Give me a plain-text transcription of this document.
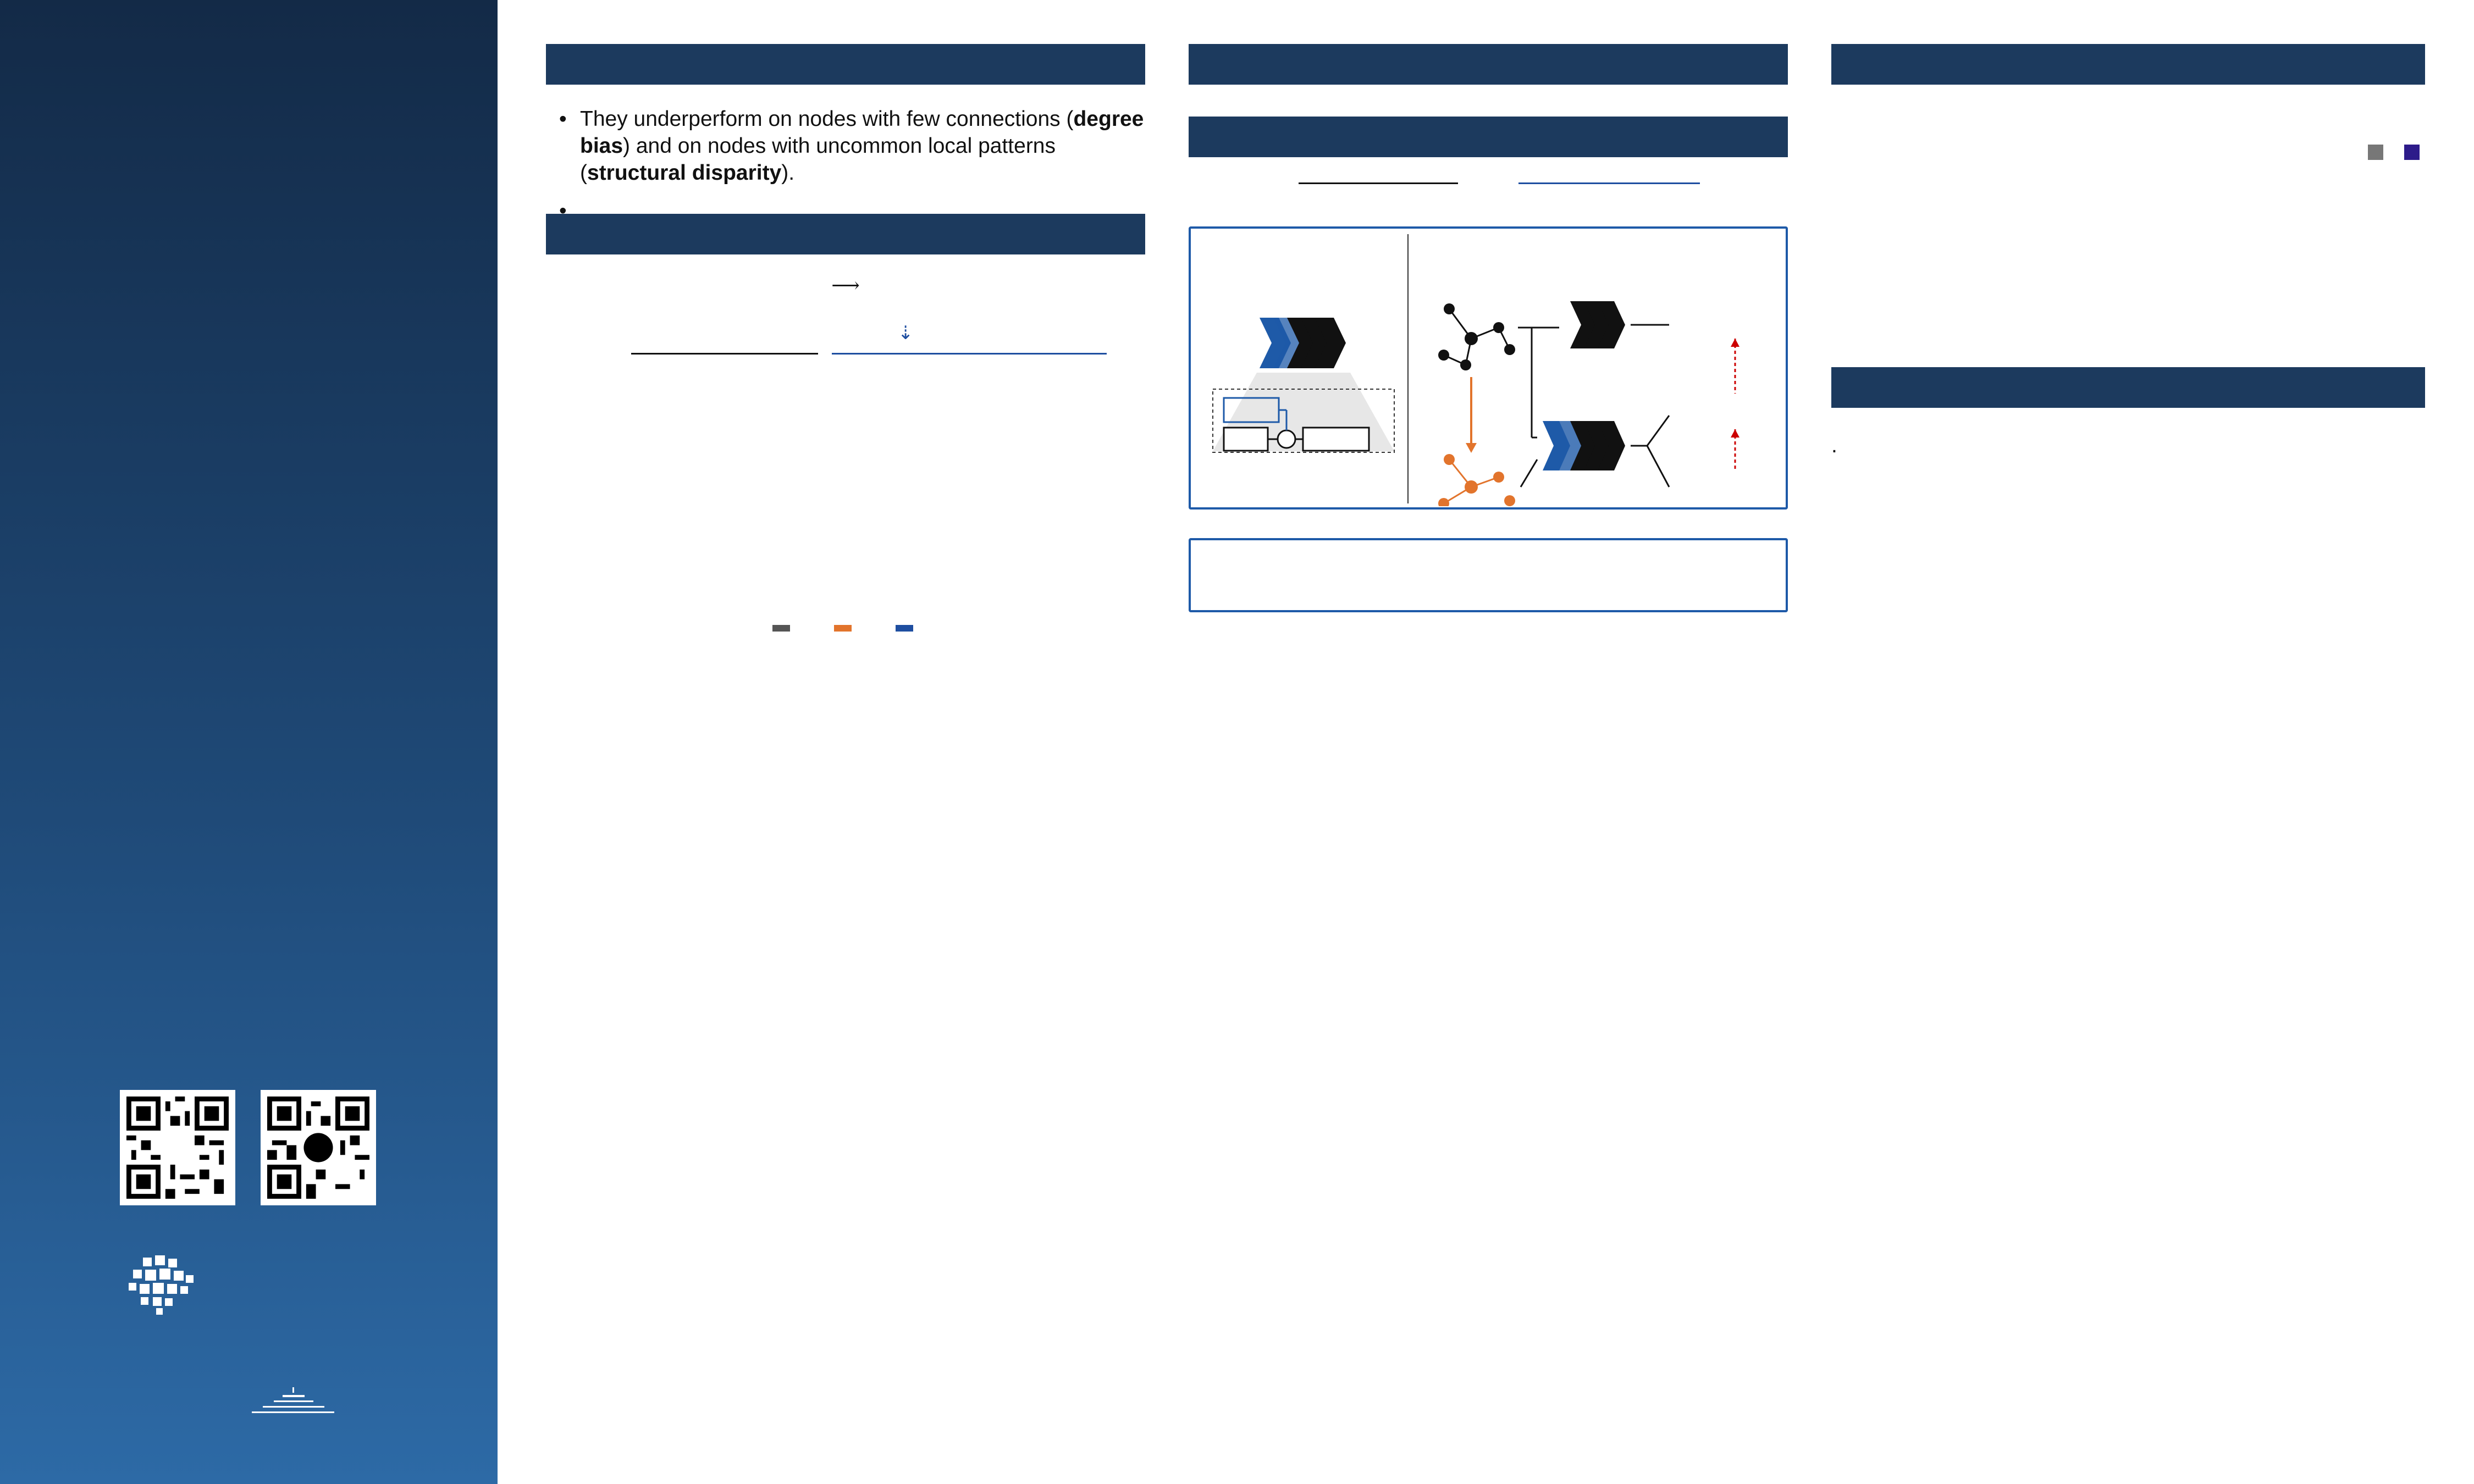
• They underperform on nodes with few connections (degree bias) and on nodes with uncommon local patterns (structural disparity).
⟶
⇣

.
